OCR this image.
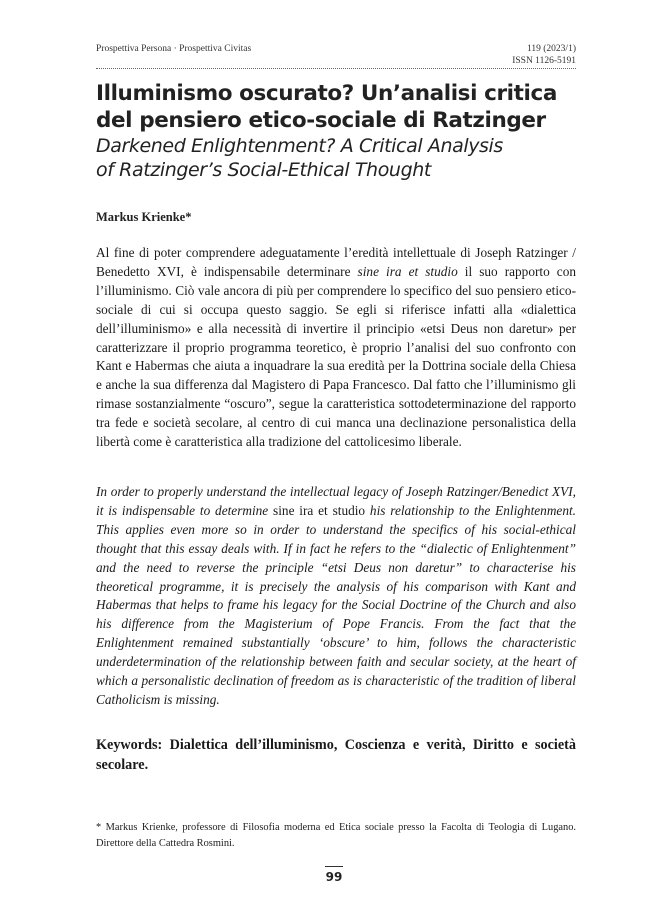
Prospettiva Persona · Prospettiva Civitas	119 (2023/1)
ISSN 1126-5191

Illuminismo oscurato? Un’analisi critica
del pensiero etico-sociale di Ratzinger

Darkened Enlightenment? A Critical Analysis
of Ratzinger’s Social-Ethical Thought

Markus Krienke*

Al fine di poter comprendere adeguatamente l’eredità intellettuale di Joseph Ratzinger / Benedetto XVI, è indispensabile determinare sine ira et studio il suo rapporto con l’illuminismo. Ciò vale ancora di più per comprendere lo specifico del suo pensiero etico-sociale di cui si occupa questo saggio. Se egli si riferisce infatti alla «dialettica dell’illuminismo» e alla necessità di invertire il principio «etsi Deus non daretur» per caratterizzare il proprio programma teoretico, è proprio l’analisi del suo confronto con Kant e Habermas che aiuta a inquadrare la sua eredità per la Dottrina sociale della Chiesa e anche la sua differenza dal Magistero di Papa Francesco. Dal fatto che l’illuminismo gli rimase sostanzialmente “oscuro”, segue la caratteristica sottodeterminazione del rapporto tra fede e società secolare, al centro di cui manca una declinazione personalistica della libertà come è caratteristica alla tradizione del cattolicesimo liberale.

In order to properly understand the intellectual legacy of Joseph Ratzinger/Benedict XVI, it is indispensable to determine sine ira et studio his relationship to the Enlightenment. This applies even more so in order to understand the specifics of his social-ethical thought that this essay deals with. If in fact he refers to the “dialectic of Enlightenment” and the need to reverse the principle “etsi Deus non daretur” to characterise his theoretical programme, it is precisely the analysis of his comparison with Kant and Habermas that helps to frame his legacy for the Social Doctrine of the Church and also his difference from the Magisterium of Pope Francis. From the fact that the Enlightenment remained substantially ‘obscure’ to him, follows the characteristic underdetermination of the relationship between faith and secular society, at the heart of which a personalistic declination of freedom as is characteristic of the tradition of liberal Catholicism is missing.

Keywords: Dialettica dell’illuminismo, Coscienza e verità, Diritto e società secolare.
* Markus Krienke, professore di Filosofia moderna ed Etica sociale presso la Facolta di Teologia di Lugano. Direttore della Cattedra Rosmini.
99
